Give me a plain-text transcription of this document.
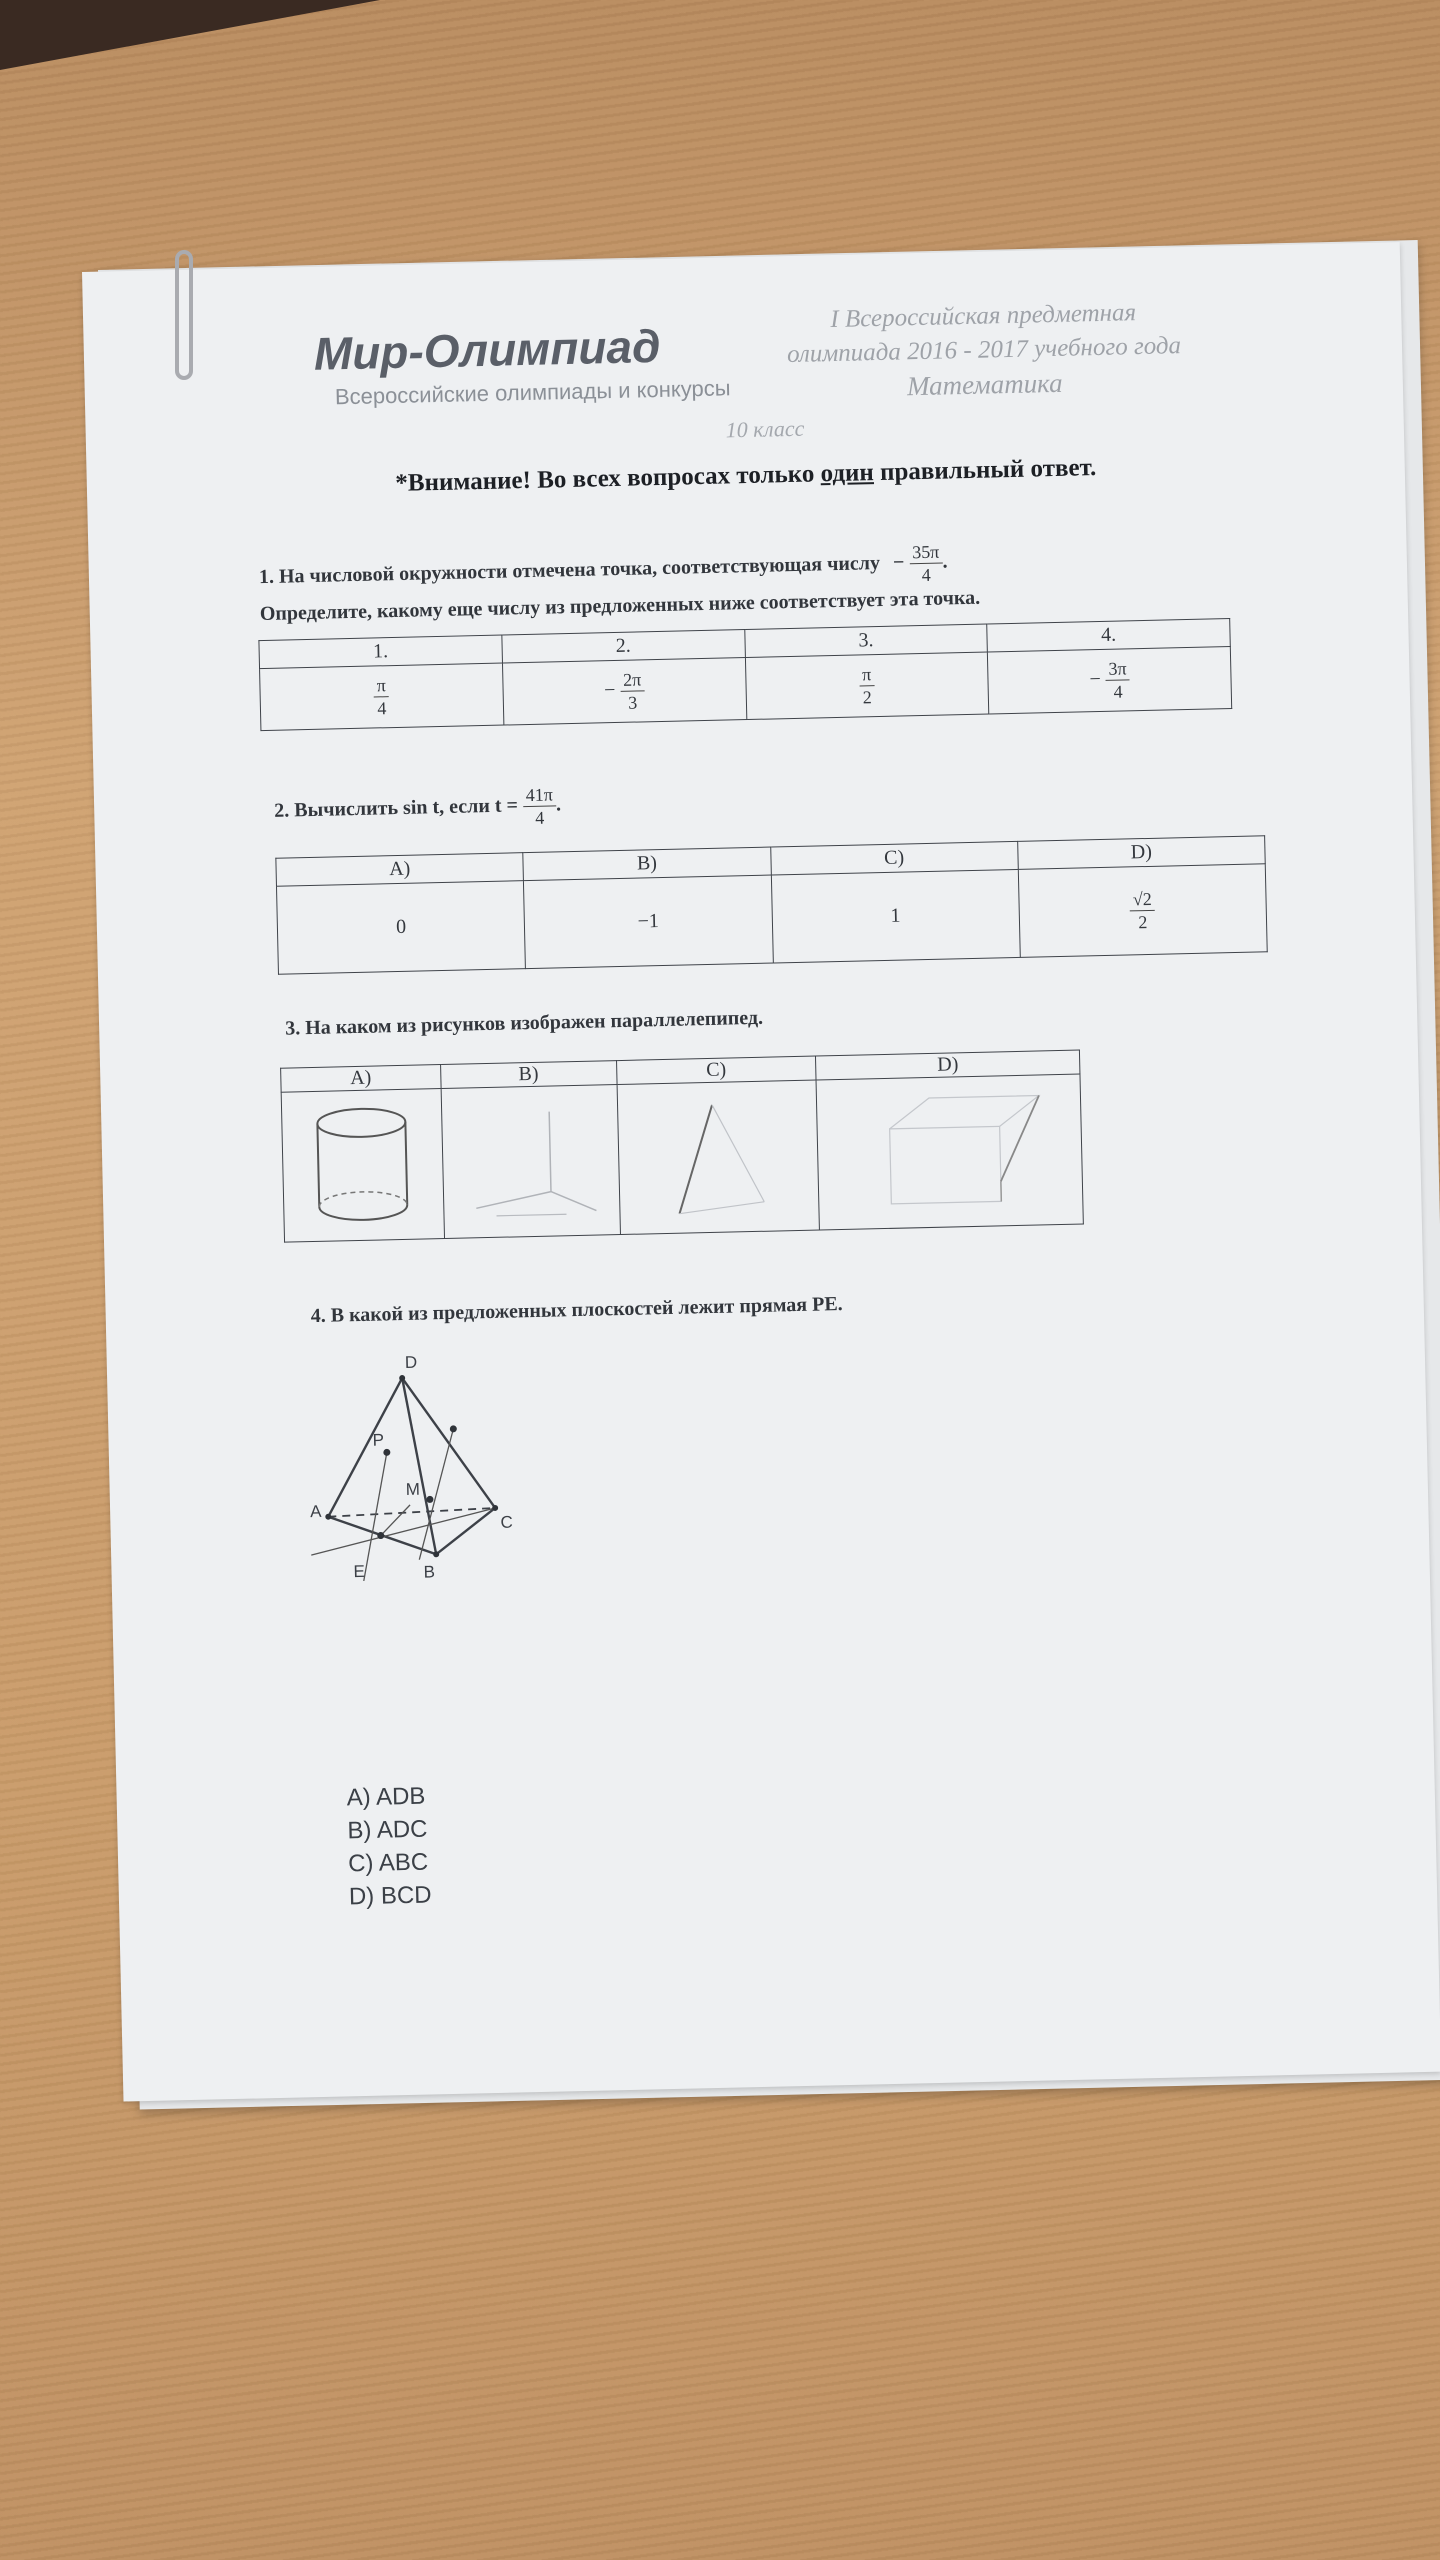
Мир-Олимпиад
Всероссийские олимпиады и конкурсы
I Всероссийская предметная
олимпиада 2016 - 2017 учебного года
Математика
10 класс
*Внимание! Во всех вопросах только один правильный ответ.
1. На числовой окружности отмечена точка, соответствующая числу − $\frac{35\pi}{4}$ .
Определите, какому еще числу из предложенных ниже соответствует эта точка.
1.	2.	3.	4.

$\frac{\pi}{4}$	− $\frac{2\pi}{3}$	$\frac{\pi}{2}$	− $\frac{3\pi}{4}$
2. Вычислить sin t, если $t = \frac{41\pi}{4}$ .
A)	B)	C)	D)
0	−1	1	$\frac{√2}{2}$
3. На каком из рисунков изображен параллелепипед.
A)	B)	C)	D)

4. В какой из предложенных плоскостей лежит прямая PE.
D
P
M
A
C
E	B
A) ADB
B) ADC
C) ABC
D) BCD
